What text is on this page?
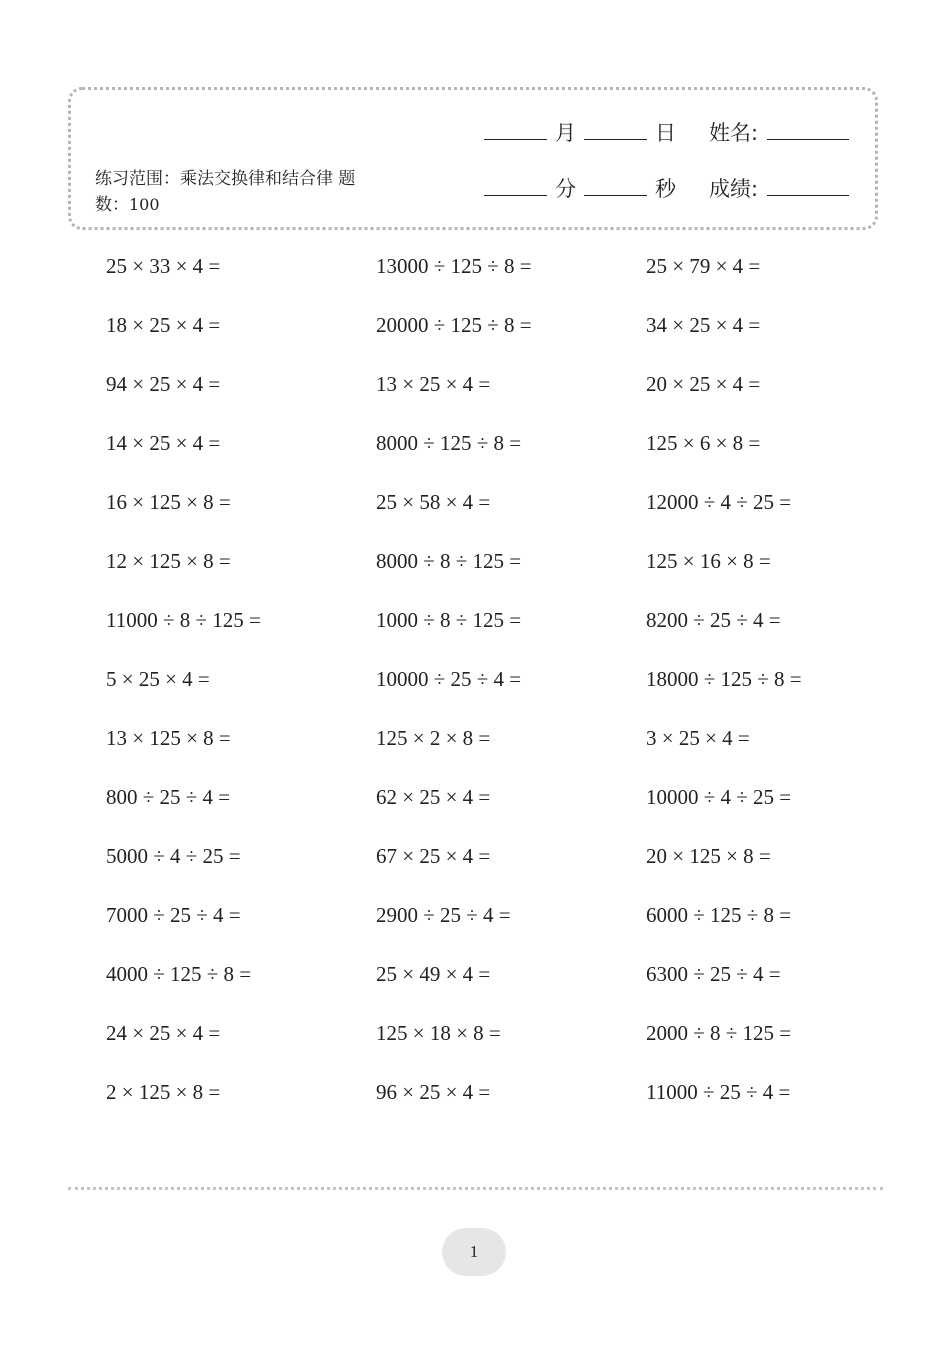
练习范围：乘法交换律和结合律 题数：100
月	日 姓名:
分	秒 成绩:
25 × 33 × 4 =	13000 ÷ 125 ÷ 8 =	25 × 79 × 4 =
18 × 25 × 4 =	20000 ÷ 125 ÷ 8 =	34 × 25 × 4 =
94 × 25 × 4 =	13 × 25 × 4 =	20 × 25 × 4 =
14 × 25 × 4 =	8000 ÷ 125 ÷ 8 =	125 × 6 × 8 =
16 × 125 × 8 =	25 × 58 × 4 =	12000 ÷ 4 ÷ 25 =
12 × 125 × 8 =	8000 ÷ 8 ÷ 125 =	125 × 16 × 8 =
11000 ÷ 8 ÷ 125 =	1000 ÷ 8 ÷ 125 =	8200 ÷ 25 ÷ 4 =
5 × 25 × 4 =	10000 ÷ 25 ÷ 4 =	18000 ÷ 125 ÷ 8 =
13 × 125 × 8 =	125 × 2 × 8 =	3 × 25 × 4 =
800 ÷ 25 ÷ 4 =	62 × 25 × 4 =	10000 ÷ 4 ÷ 25 =
5000 ÷ 4 ÷ 25 =	67 × 25 × 4 =	20 × 125 × 8 =
7000 ÷ 25 ÷ 4 =	2900 ÷ 25 ÷ 4 =	6000 ÷ 125 ÷ 8 =
4000 ÷ 125 ÷ 8 =	25 × 49 × 4 =	6300 ÷ 25 ÷ 4 =
24 × 25 × 4 =	125 × 18 × 8 =	2000 ÷ 8 ÷ 125 =
2 × 125 × 8 =	96 × 25 × 4 =	11000 ÷ 25 ÷ 4 =
1
